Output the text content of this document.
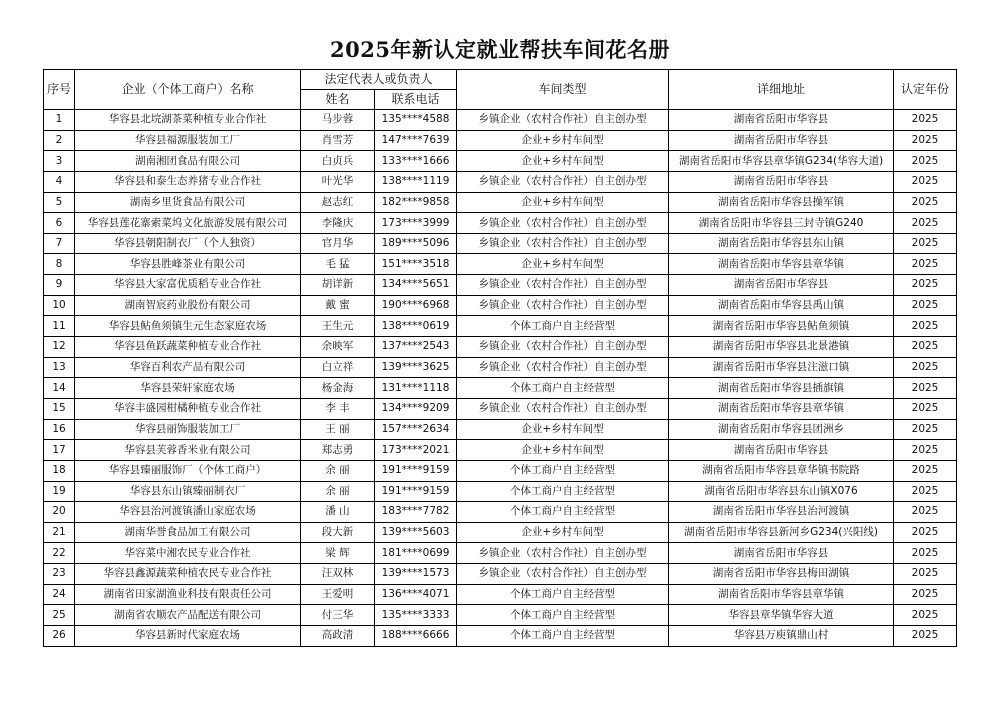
2025年新认定就业帮扶车间花名册
序号	企业（个体工商户）名称	法定代表人或负责人		车间类型	详细地址	认定年份
		姓名	联系电话			
1	华容县北垸湖茶菜种植专业合作社	马步蓉	135****4588	乡镇企业（农村合作社）自主创办型	湖南省岳阳市华容县	2025
2	华容县福源服装加工厂	肖雪芳	147****7639	企业+乡村车间型	湖南省岳阳市华容县	2025
3	湖南湘团食品有限公司	白贞兵	133****1666	企业+乡村车间型	湖南省岳阳市华容县章华镇G234(华容大道)	2025
4	华容县和泰生态养猪专业合作社	叶光华	138****1119	乡镇企业（农村合作社）自主创办型	湖南省岳阳市华容县	2025
5	湖南乡里货食品有限公司	赵志红	182****9858	企业+乡村车间型	湖南省岳阳市华容县操军镇	2025
6	华容县莲花寨索菜坞文化旅游发展有限公司	李隆庆	173****3999	乡镇企业（农村合作社）自主创办型	湖南省岳阳市华容县三封寺镇G240	2025
7	华容县朝阳制衣厂（个人独资）	官月华	189****5096	乡镇企业（农村合作社）自主创办型	湖南省岳阳市华容县东山镇	2025
8	华容县胜峰茶业有限公司	毛 猛	151****3518	企业+乡村车间型	湖南省岳阳市华容县章华镇	2025
9	华容县大家富优质稻专业合作社	胡详新	134****5651	乡镇企业（农村合作社）自主创办型	湖南省岳阳市华容县	2025
10	湖南智宸药业股份有限公司	戴 蜜	190****6968	乡镇企业（农村合作社）自主创办型	湖南省岳阳市华容县禹山镇	2025
11	华容县鲇鱼须镇生元生态家庭农场	王生元	138****0619	个体工商户自主经营型	湖南省岳阳市华容县鲇鱼须镇	2025
12	华容县鱼跃蔬菜种植专业合作社	余映军	137****2543	乡镇企业（农村合作社）自主创办型	湖南省岳阳市华容县北景港镇	2025
13	华容百利农产品有限公司	白立祥	139****3625	乡镇企业（农村合作社）自主创办型	湖南省岳阳市华容县注滋口镇	2025
14	华容县荣轩家庭农场	杨金海	131****1118	个体工商户自主经营型	湖南省岳阳市华容县插旗镇	2025
15	华容丰盛园柑橘种植专业合作社	李 丰	134****9209	乡镇企业（农村合作社）自主创办型	湖南省岳阳市华容县章华镇	2025
16	华容县丽饰服装加工厂	王 丽	157****2634	企业+乡村车间型	湖南省岳阳市华容县团洲乡	2025
17	华容县芙蓉香米业有限公司	郑志勇	173****2021	企业+乡村车间型	湖南省岳阳市华容县	2025
18	华容县臻丽服饰厂（个体工商户）	余 丽	191****9159	个体工商户自主经营型	湖南省岳阳市华容县章华镇书院路	2025
19	华容县东山镇臻丽制衣厂	余 丽	191****9159	个体工商户自主经营型	湖南省岳阳市华容县东山镇X076	2025
20	华容县治河渡镇潘山家庭农场	潘 山	183****7782	个体工商户自主经营型	湖南省岳阳市华容县治河渡镇	2025
21	湖南华誉食品加工有限公司	段大新	139****5603	企业+乡村车间型	湖南省岳阳市华容县新河乡G234(兴阳线)	2025
22	华容菜中湘农民专业合作社	梁 辉	181****0699	乡镇企业（农村合作社）自主创办型	湖南省岳阳市华容县	2025
23	华容县鑫源蔬菜种植农民专业合作社	汪双林	139****1573	乡镇企业（农村合作社）自主创办型	湖南省岳阳市华容县梅田湖镇	2025
24	湖南省田家湖渔业科技有限责任公司	王爱明	136****4071	个体工商户自主经营型	湖南省岳阳市华容县章华镇	2025
25	湖南省农顺农产品配送有限公司	付三华	135****3333	个体工商户自主经营型	华容县章华镇华容大道	2025
26	华容县新时代家庭农场	高政清	188****6666	个体工商户自主经营型	华容县万庾镇鼎山村	2025
